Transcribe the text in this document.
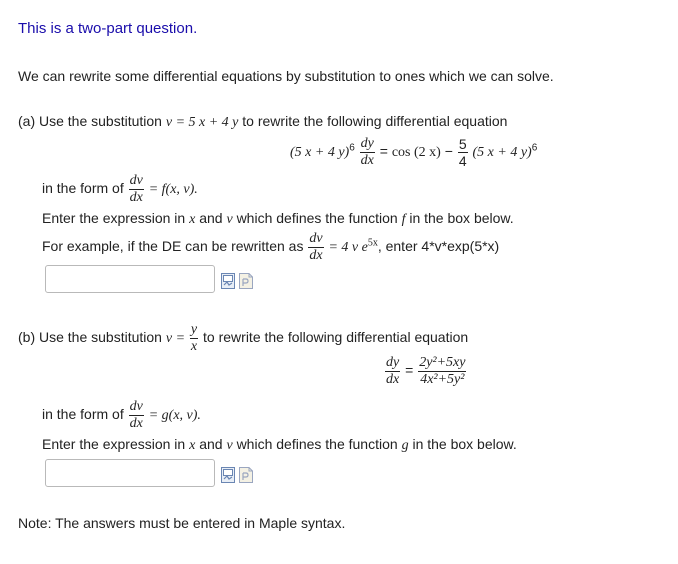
This is a two-part question.
We can rewrite some differential equations by substitution to ones which we can solve.
(a) Use the substitution v = 5 x + 4 y to rewrite the following differential equation
(5 x + 4 $y)^6 \frac{dy}{dx} = \cos (2$ $x) - \frac{5}{4} (5$ x + 4 y)$^6$
in the form of $\frac{dv}{dx} = f(x$, v).
Enter the expression in x and v which defines the function f in the box below.
For example, if the DE can be rewritten as $\frac{dv}{dx} = 4$ v $e^{5x}$, enter 4*v*exp(5*x)
(b) Use the substitution $v = \frac{y}{x}$ to rewrite the following differential equation
$\frac{dy}{dx} = \frac{\text{2y²+5xy}}{\text{4x²+5y²}}$
in the form of $\frac{dv}{dx} = g(x$, v).
Enter the expression in x and v which defines the function g in the box below.
Note: The answers must be entered in Maple syntax.
